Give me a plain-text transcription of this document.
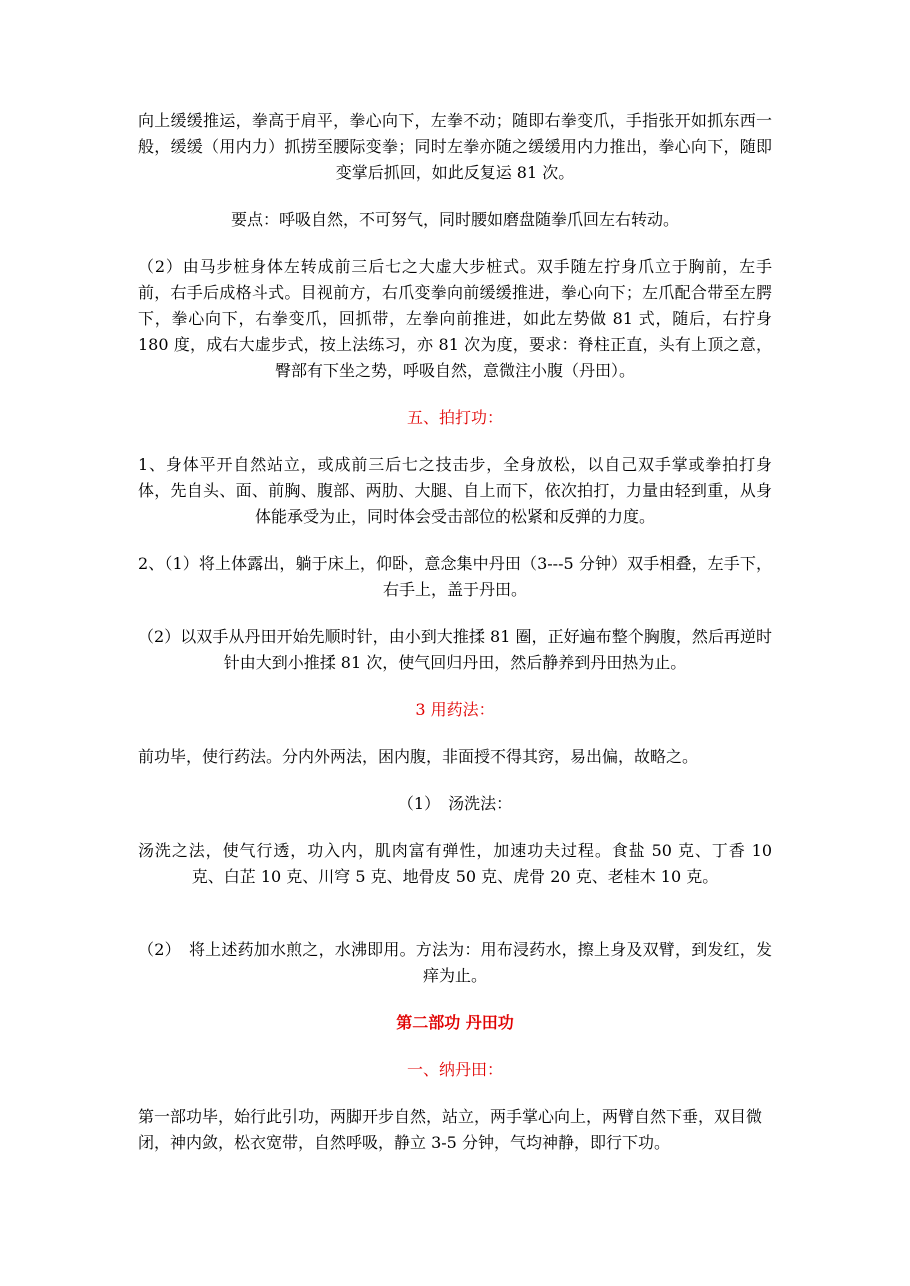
向上缓缓推运，拳高于肩平，拳心向下，左拳不动；随即右拳变爪，手指张开如抓东西一般，缓缓（用内力）抓捞至腰际变拳；同时左拳亦随之缓缓用内力推出，拳心向下，随即变掌后抓回，如此反复运 81 次。

要点：呼吸自然，不可努气，同时腰如磨盘随拳爪回左右转动。

（2）由马步桩身体左转成前三后七之大虚大步桩式。双手随左拧身爪立于胸前，左手前，右手后成格斗式。目视前方，右爪变拳向前缓缓推进，拳心向下；左爪配合带至左腭下，拳心向下，右拳变爪，回抓带，左拳向前推进，如此左势做 81 式，随后，右拧身 180 度，成右大虚步式，按上法练习，亦 81 次为度，要求：脊柱正直，头有上顶之意，臀部有下坐之势，呼吸自然，意微注小腹（丹田）。

五、拍打功：

1、身体平开自然站立，或成前三后七之技击步，全身放松，以自己双手掌或拳拍打身体，先自头、面、前胸、腹部、两肋、大腿、自上而下，依次拍打，力量由轻到重，从身体能承受为止，同时体会受击部位的松紧和反弹的力度。

2、（1）将上体露出，躺于床上，仰卧，意念集中丹田（3---5 分钟）双手相叠，左手下，右手上，盖于丹田。

（2）以双手从丹田开始先顺时针，由小到大推揉 81 圈，正好遍布整个胸腹，然后再逆时针由大到小推揉 81 次，使气回归丹田，然后静养到丹田热为止。

3 用药法：

前功毕，使行药法。分内外两法，困内腹，非面授不得其窍，易出偏，故略之。

（1）　汤洗法：

汤洗之法，使气行透，功入内，肌肉富有弹性，加速功夫过程。食盐 50 克、丁香 10 克、白芷 10 克、川穹 5 克、地骨皮 50 克、虎骨 20 克、老桂木 10 克。

（2）　将上述药加水煎之，水沸即用。方法为：用布浸药水，擦上身及双臂，到发红，发痒为止。

第二部功 丹田功

一、纳丹田：

第一部功毕，始行此引功，两脚开步自然，站立，两手掌心向上，两臂自然下垂，双目微闭，神内敛，松衣宽带，自然呼吸，静立 3-5 分钟，气均神静，即行下功。
